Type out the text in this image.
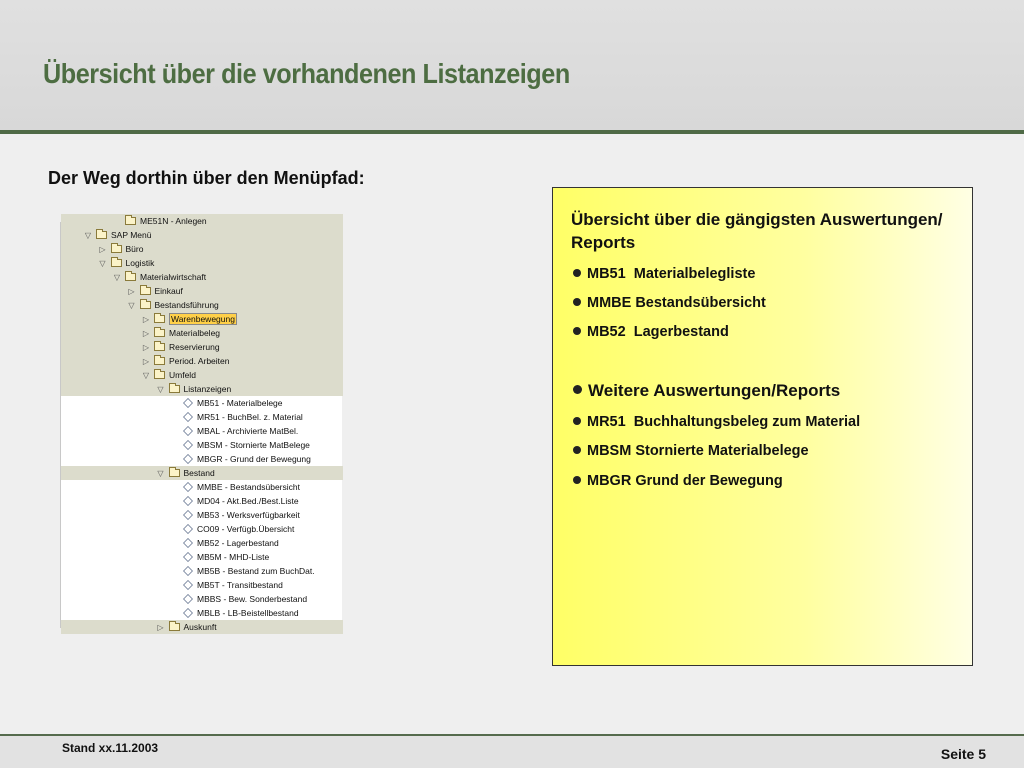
Übersicht über die vorhandenen Listanzeigen
Der Weg dorthin über den Menüpfad:
ME51N - Anlegen
▽ SAP Menü
▷ Büro
▽ Logistik
▽ Materialwirtschaft
▷ Einkauf
▽ Bestandsführung
▷	Warenbewegung
▷ Materialbeleg
▷ Reservierung
▷ Period. Arbeiten
▽ Umfeld
▽ Listanzeigen
MB51 - Materialbelege
MR51 - BuchBel. z. Material
MBAL - Archivierte MatBel.
MBSM - Stornierte MatBelege
MBGR - Grund der Bewegung
▽ Bestand
MMBE - Bestandsübersicht
MD04 - Akt.Bed./Best.Liste
MB53 - Werksverfügbarkeit
CO09 - Verfügb.Übersicht
MB52 - Lagerbestand
MB5M - MHD-Liste
MB5B - Bestand zum BuchDat.
MB5T - Transitbestand
MBBS - Bew. Sonderbestand
MBLB - LB-Beistellbestand
▷ Auskunft
Übersicht über die gängigsten Auswertungen/ Reports
MB51  Materialbelegliste
MMBE Bestandsübersicht
MB52  Lagerbestand
Weitere Auswertungen/Reports
MR51  Buchhaltungsbeleg zum Material
MBSM Stornierte Materialbelege
MBGR Grund der Bewegung
Stand xx.11.2003	Seite 5
